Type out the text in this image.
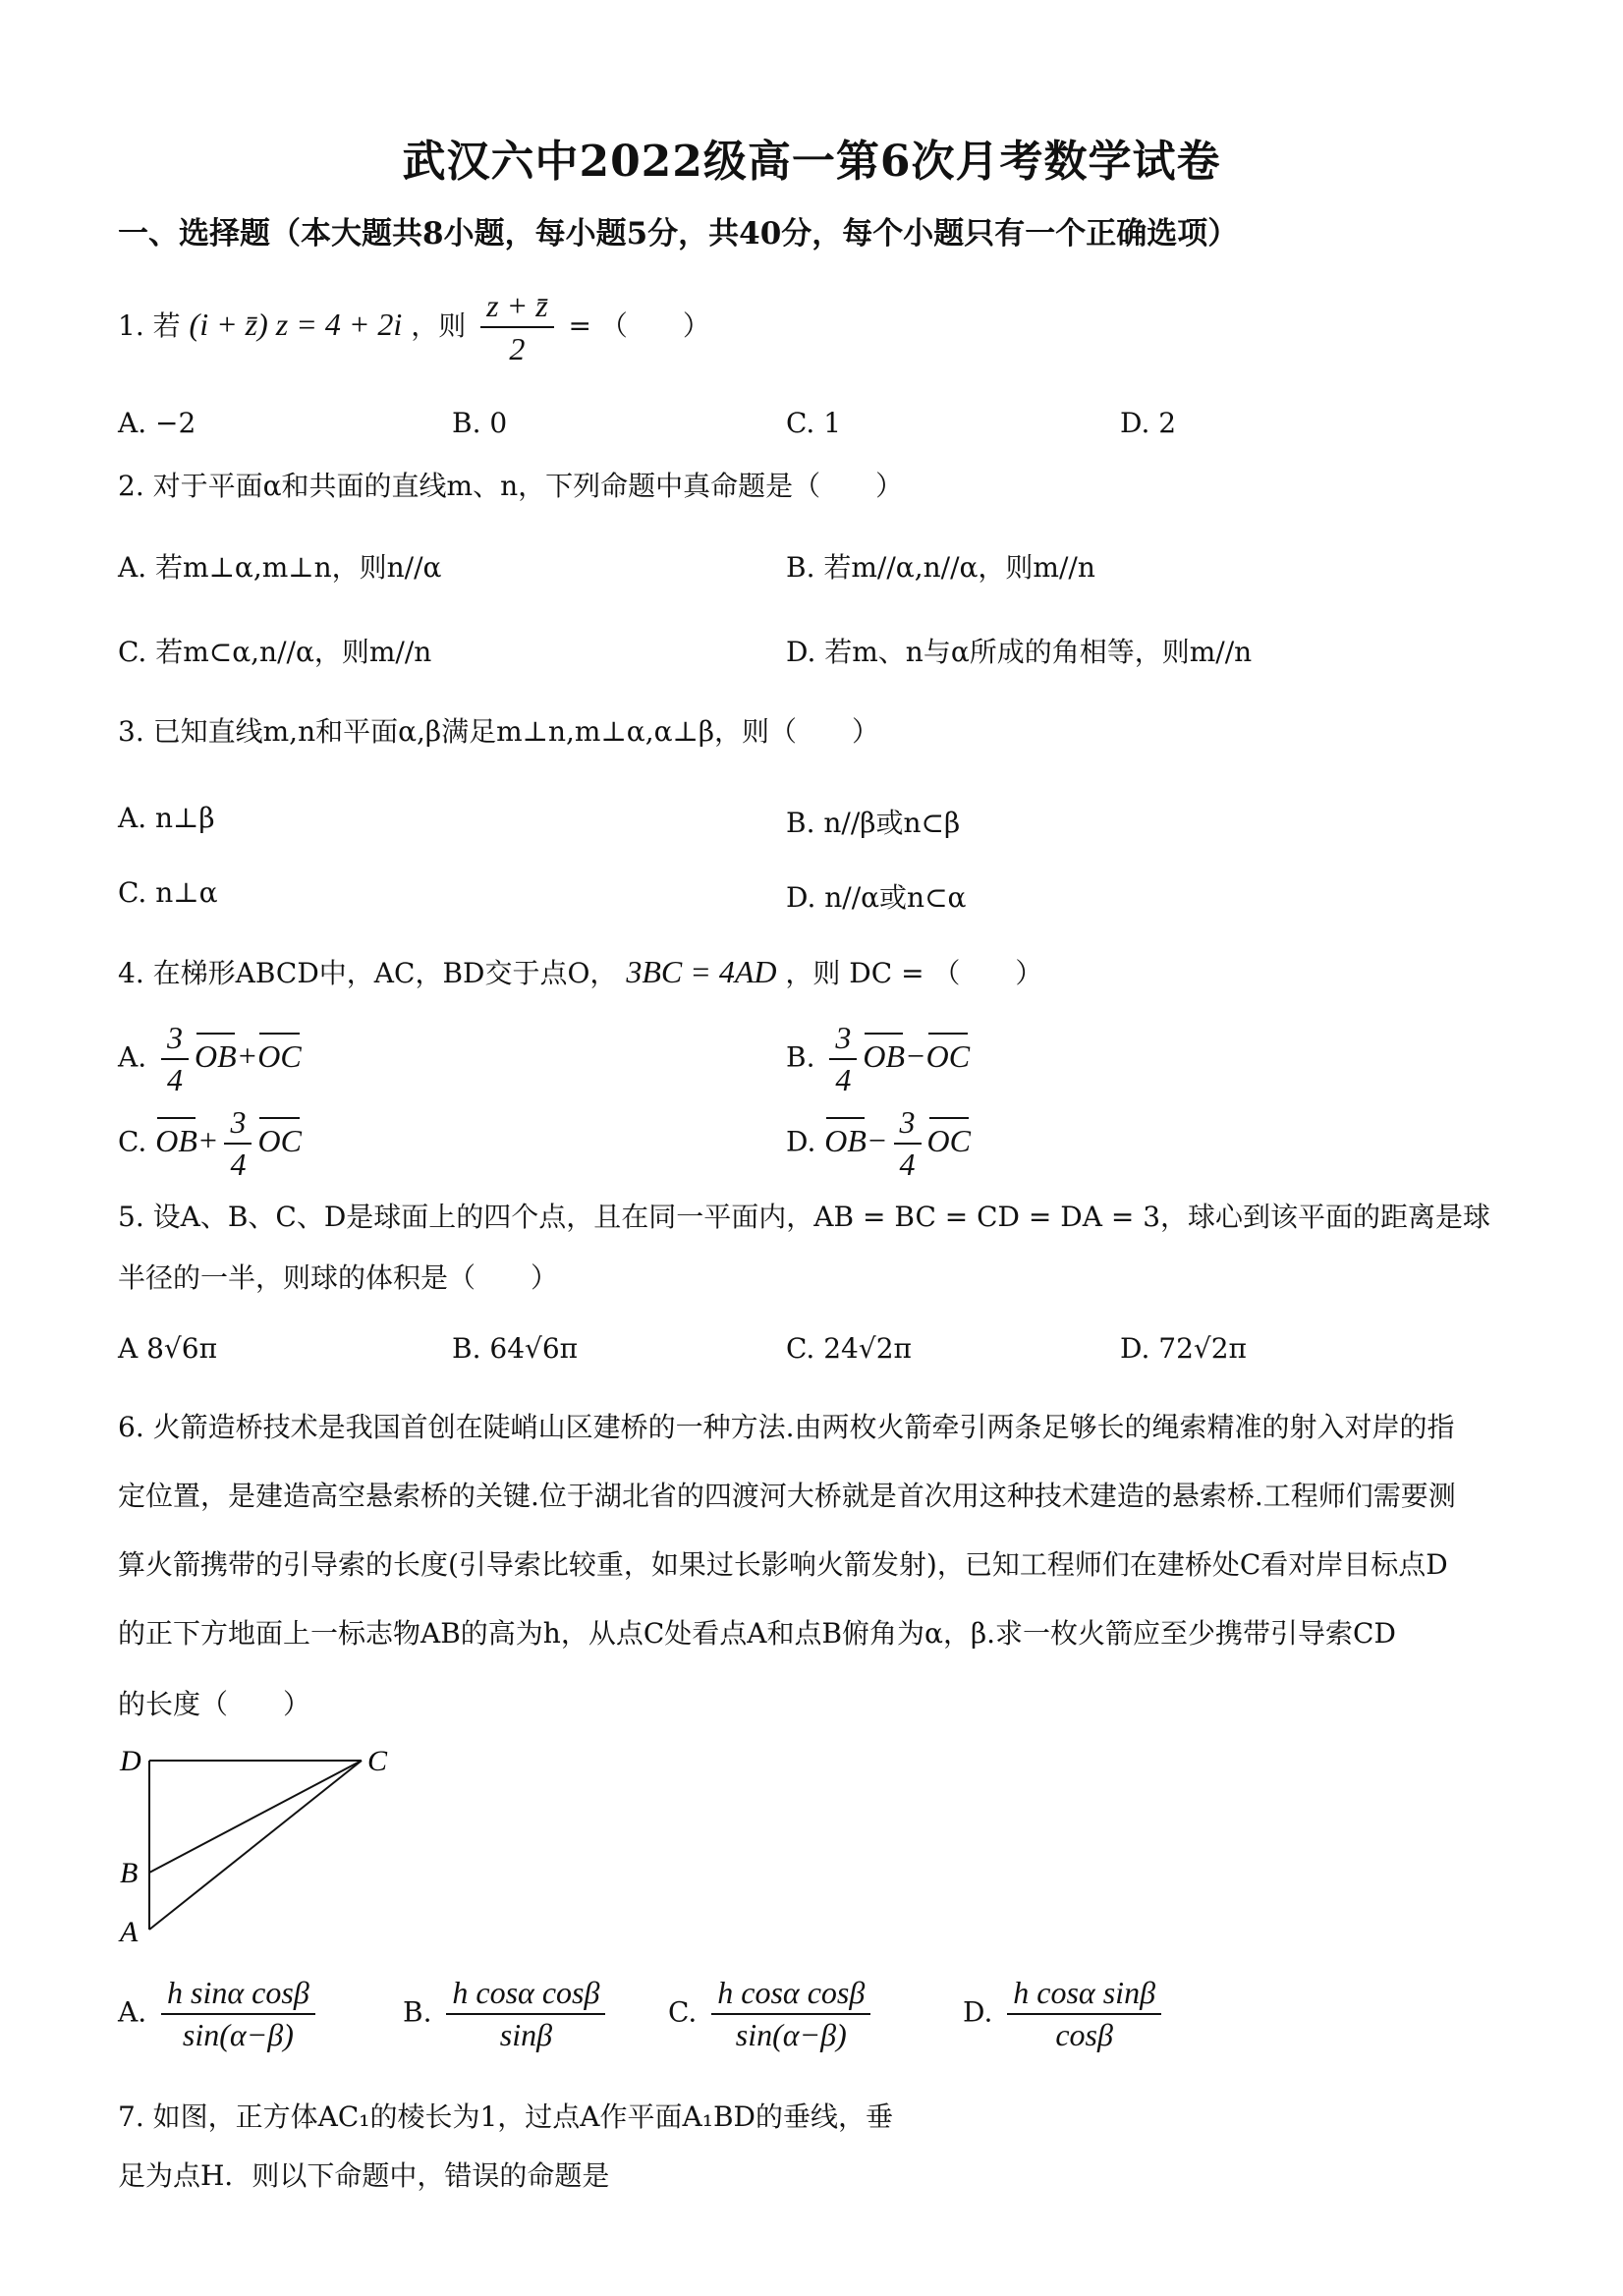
武汉六中2022级高一第6次月考数学试卷
一、选择题（本大题共8小题，每小题5分，共40分，每个小题只有一个正确选项）
1. 若 (i + z̄) z = 4 + 2i ，则 $\frac{z + z̄}{2}$ = （　　）
A. −2	B. 0	C. 1	D. 2
2. 对于平面α和共面的直线m、n，下列命题中真命题是（　　）
A. 若m⊥α,m⊥n，则n//α	B. 若m//α,n//α，则m//n
C. 若m⊂α,n//α，则m//n	D. 若m、n与α所成的角相等，则m//n
3. 已知直线m,n和平面α,β满足m⊥n,m⊥α,α⊥β，则（　　）
A. n⊥β	B. n//β或n⊂β
C. n⊥α	D. n//α或n⊂α
4. 在梯形ABCD中，AC，BD交于点O， 3BC = 4AD ，则 DC = （　　）
A. $\frac{3}{4} OB+OC$	B. $\frac{3}{4} OB-OC$
C. $OB+ \frac{3}{4}$ OC	D. $OB- \frac{3}{4}$ OC
5. 设A、B、C、D是球面上的四个点，且在同一平面内，AB = BC = CD = DA = 3，球心到该平面的距离是球
半径的一半，则球的体积是（　　）
A 8√6π	B. 64√6π	C. 24√2π	D. 72√2π
6. 火箭造桥技术是我国首创在陡峭山区建桥的一种方法.由两枚火箭牵引两条足够长的绳索精准的射入对岸的指
定位置，是建造高空悬索桥的关键.位于湖北省的四渡河大桥就是首次用这种技术建造的悬索桥.工程师们需要测
算火箭携带的引导索的长度(引导索比较重，如果过长影响火箭发射)，已知工程师们在建桥处C看对岸目标点D
的正下方地面上一标志物AB的高为h，从点C处看点A和点B俯角为α，β.求一枚火箭应至少携带引导索CD
的长度（　　）
D	C
B
A
A. $\frac{\text{h sinα cosβ}}{\sin(\alpha-\beta)}$	B. $\frac{\text{h cosα cosβ}}{\sin\beta} C$. $\frac{\text{h cosα cosβ}}{\sin(\alpha-\beta)}$	D. $\frac{\text{h cosα sinβ}}{\cos\beta}$
7. 如图，正方体AC₁的棱长为1，过点A作平面A₁BD的垂线，垂
足为点H．则以下命题中，错误的命题是
